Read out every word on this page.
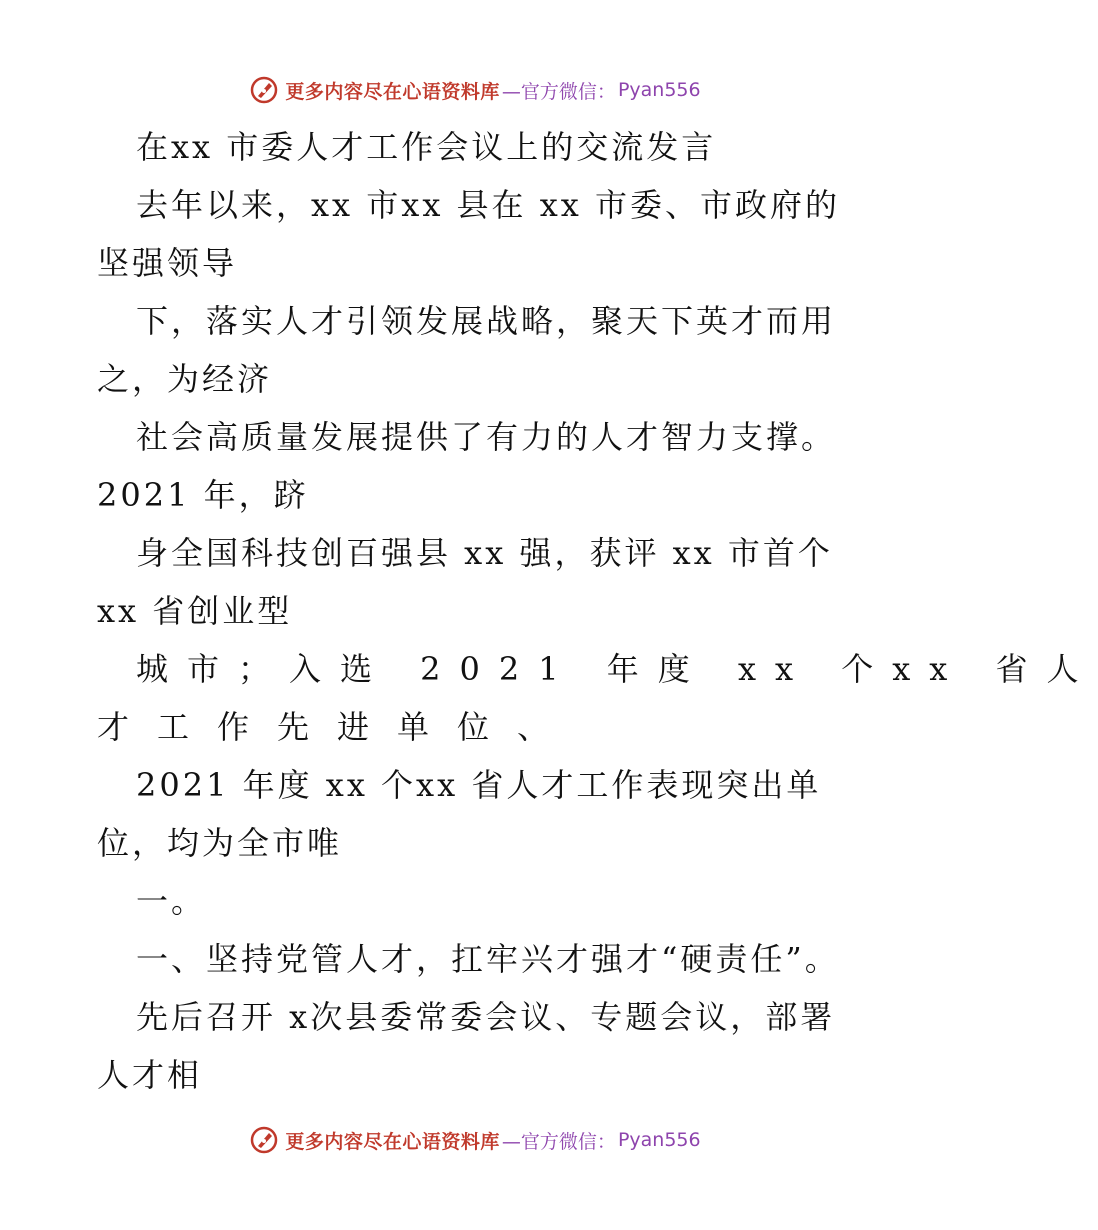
更多内容尽在心语资料库 —官方微信： Pyan556
在xx 市委人才工作会议上的交流发言
去年以来，xx 市xx 县在 xx 市委、市政府的
坚强领导
下，落实人才引领发展战略，聚天下英才而用
之，为经济
社会高质量发展提供了有力的人才智力支撑。
2021 年，跻
身全国科技创百强县 xx 强，获评 xx 市首个
xx 省创业型
城市；入选 2021 年度 xx 个xx 省人
才工作先进单位、
2021 年度 xx 个xx 省人才工作表现突出单
位，均为全市唯
一。
一、坚持党管人才，扛牢兴才强才“硬责任”。
先后召开 x次县委常委会议、专题会议，部署
人才相
更多内容尽在心语资料库 —官方微信： Pyan556
